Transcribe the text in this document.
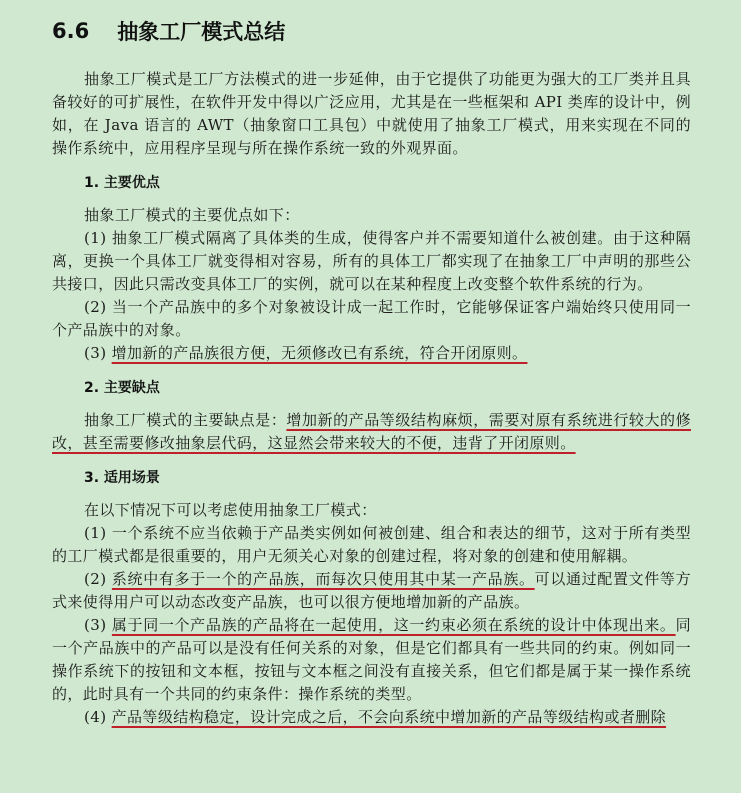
6.6 抽象工厂模式总结

抽象工厂模式是工厂方法模式的进一步延伸，由于它提供了功能更为强大的工厂类并且具备较好的可扩展性，在软件开发中得以广泛应用，尤其是在一些框架和 API 类库的设计中，例如，在 Java 语言的 AWT（抽象窗口工具包）中就使用了抽象工厂模式，用来实现在不同的操作系统中，应用程序呈现与所在操作系统一致的外观界面。

1. 主要优点

抽象工厂模式的主要优点如下：

(1) 抽象工厂模式隔离了具体类的生成，使得客户并不需要知道什么被创建。由于这种隔离，更换一个具体工厂就变得相对容易，所有的具体工厂都实现了在抽象工厂中声明的那些公共接口，因此只需改变具体工厂的实例，就可以在某种程度上改变整个软件系统的行为。

(2) 当一个产品族中的多个对象被设计成一起工作时，它能够保证客户端始终只使用同一个产品族中的对象。

(3) 增加新的产品族很方便，无须修改已有系统，符合开闭原则。

2. 主要缺点

抽象工厂模式的主要缺点是：增加新的产品等级结构麻烦，需要对原有系统进行较大的修改，甚至需要修改抽象层代码，这显然会带来较大的不便，违背了开闭原则。

3. 适用场景

在以下情况下可以考虑使用抽象工厂模式：

(1) 一个系统不应当依赖于产品类实例如何被创建、组合和表达的细节，这对于所有类型的工厂模式都是很重要的，用户无须关心对象的创建过程，将对象的创建和使用解耦。

(2) 系统中有多于一个的产品族，而每次只使用其中某一产品族。可以通过配置文件等方式来使得用户可以动态改变产品族，也可以很方便地增加新的产品族。

(3) 属于同一个产品族的产品将在一起使用，这一约束必须在系统的设计中体现出来。同一个产品族中的产品可以是没有任何关系的对象，但是它们都具有一些共同的约束。例如同一操作系统下的按钮和文本框，按钮与文本框之间没有直接关系，但它们都是属于某一操作系统的，此时具有一个共同的约束条件：操作系统的类型。

(4) 产品等级结构稳定，设计完成之后，不会向系统中增加新的产品等级结构或者删除
